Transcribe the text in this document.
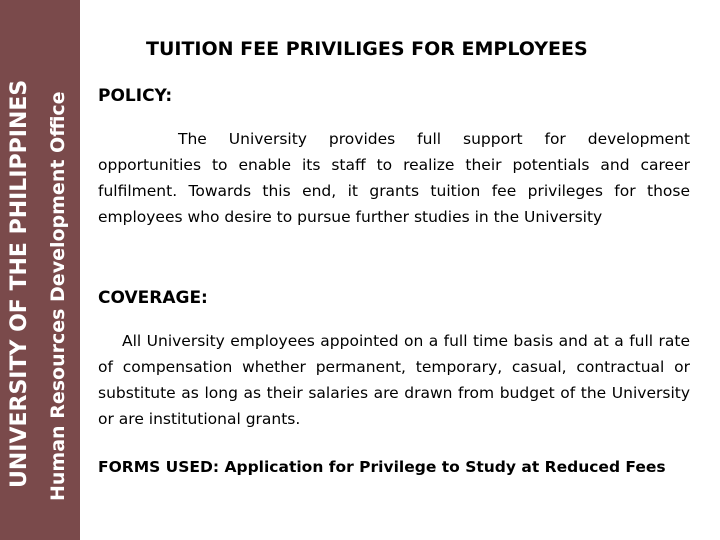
UNIVERSITY OF THE PHILIPPINES Human Resources Development Office
TUITION FEE PRIVILIGES FOR EMPLOYEES
POLICY:
The University provides full support for development opportunities to enable its staff to realize their potentials and career fulfilment. Towards this end, it grants tuition fee privileges for those employees who desire to pursue further studies in the University
COVERAGE:
All University employees appointed on a full time basis and at a full rate of compensation whether permanent, temporary, casual, contractual or substitute as long as their salaries are drawn from budget of the University or are institutional grants.
FORMS USED: Application for Privilege to Study at Reduced Fees
